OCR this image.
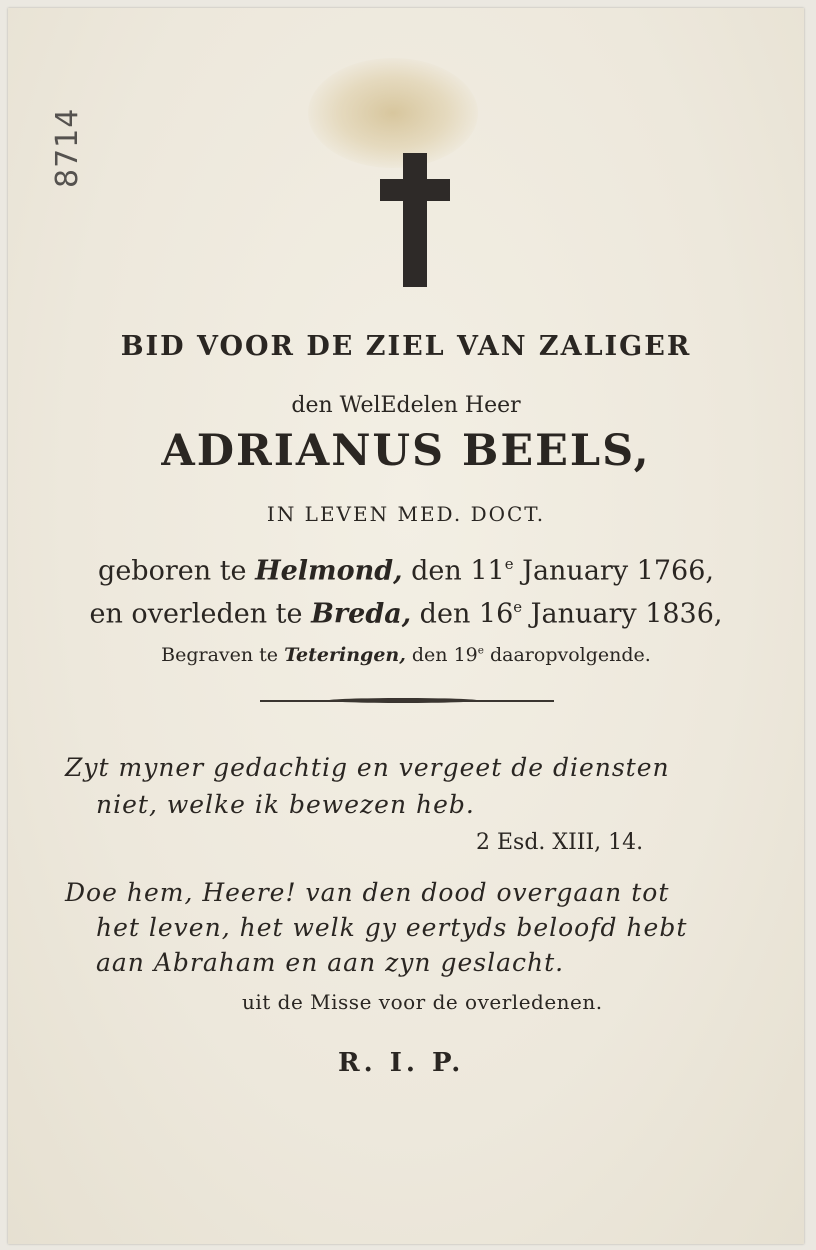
8714
BID VOOR DE ZIEL VAN ZALIGER
den WelEdelen Heer
ADRIANUS BEELS,
IN LEVEN MED. DOCT.
geboren te Helmond, den 11e January 1766,
en overleden te Breda, den 16e January 1836,
Begraven te Teteringen, den 19e daaropvolgende.
Zyt myner gedachtig en vergeet de diensten
niet, welke ik bewezen heb.
2 Esd. XIII, 14.
Doe hem, Heere! van den dood overgaan tot
het leven, het welk gy eertyds beloofd hebt
aan Abraham en aan zyn geslacht.
uit de Misse voor de overledenen.
R. I. P.
